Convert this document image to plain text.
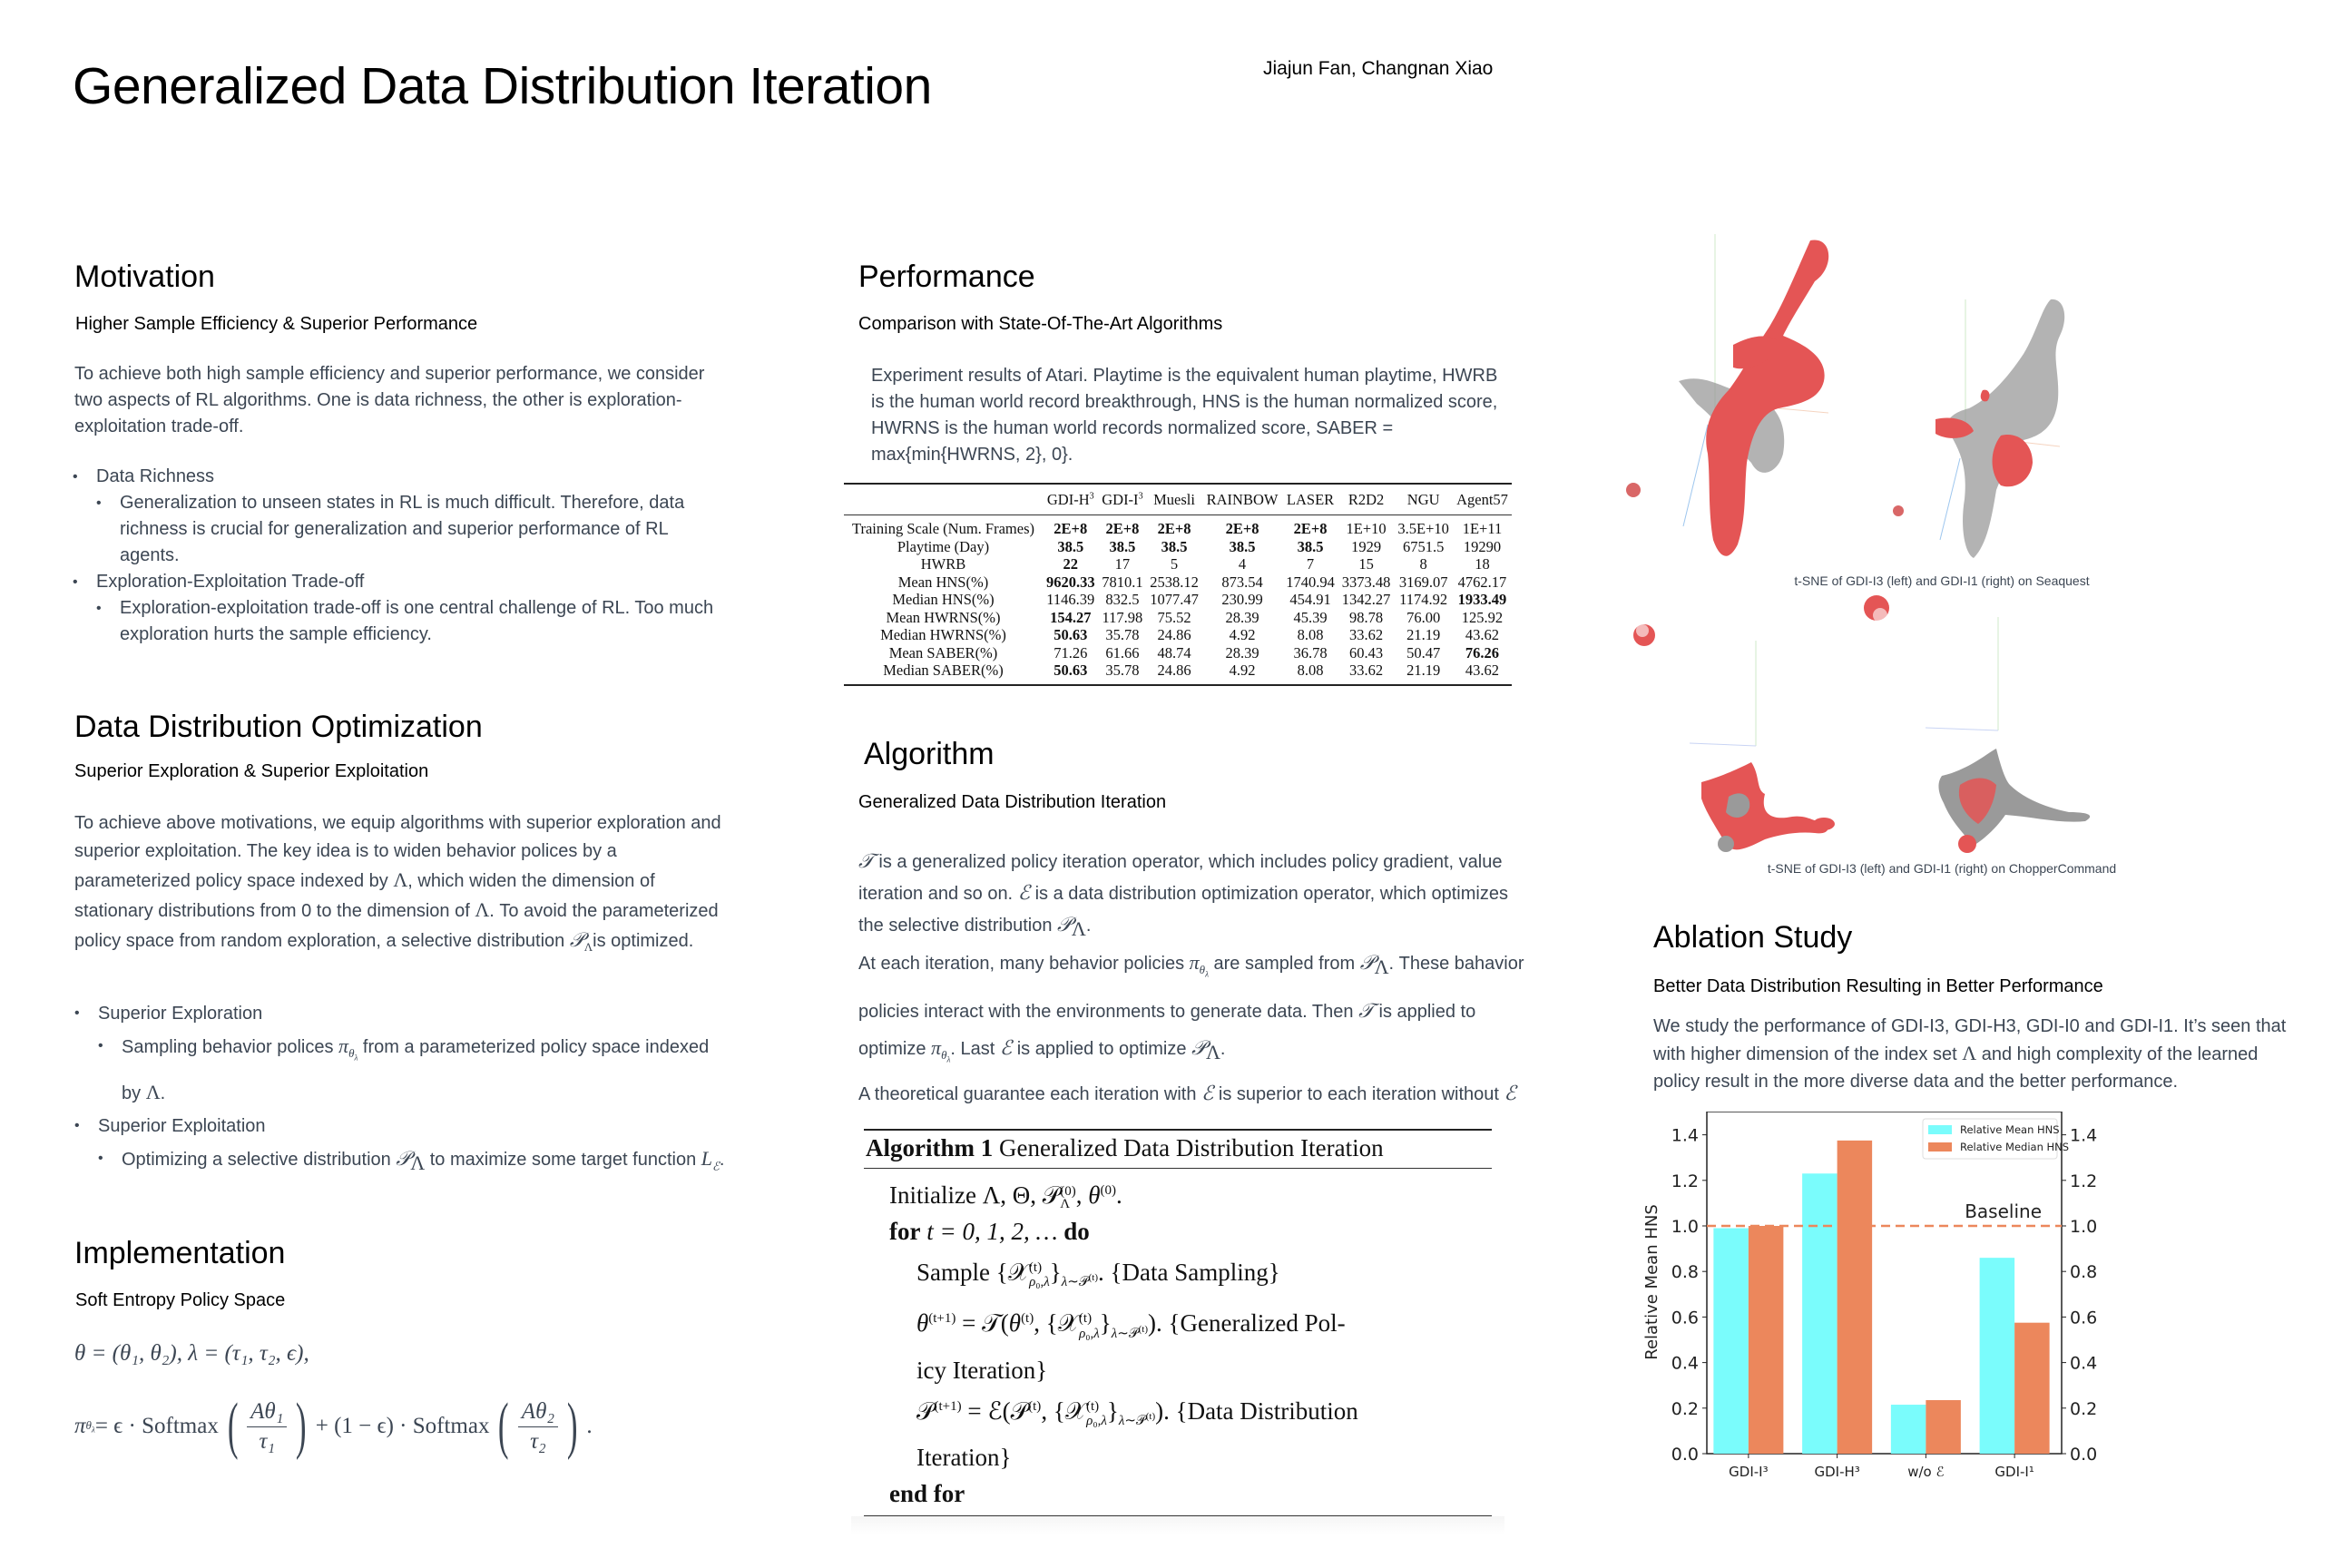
Generalized Data Distribution Iteration	Jiajun Fan, Changnan Xiao
Motivation
Higher Sample Efficiency & Superior Performance

To achieve both high sample efficiency and superior performance, we consider two aspects of RL algorithms. One is data richness, the other is exploration-exploitation trade-off.

• Data Richness
• Generalization to unseen states in RL is much difficult. Therefore, data richness is crucial for generalization and superior performance of RL agents.
• Exploration-Exploitation Trade-off
• Exploration-exploitation trade-off is one central challenge of RL. Too much exploration hurts the sample efficiency.
Data Distribution Optimization
Superior Exploration & Superior Exploitation

To achieve above motivations, we equip algorithms with superior exploration and superior exploitation. The key idea is to widen behavior polices by a parameterized policy space indexed by Λ, which widen the dimension of stationary distributions from 0 to the dimension of Λ. To avoid the parameterized policy space from random exploration, a selective distribution 𝒫$_\Lambda$is optimized.

• Superior Exploration
• Sampling behavior polices $\pi_{\theta_\lambda}$ from a parameterized policy space indexed by Λ.
• Superior Exploitation
• Optimizing a selective distribution 𝒫$_\Lambda$ to maximize some target function $L_ℰ$.
Implementation
Soft Entropy Policy Space
θ = (θ₁, θ₂), λ = (τ₁, τ₂, ϵ),
π $\theta_\lambda = \epsilon$ · Softmax ( Aθ₁
τ₁ ) + (1 − ϵ) · Softmax ( Aθ₂
τ₂ ) .
Performance
Comparison with State-Of-The-Art Algorithms

Experiment results of Atari. Playtime is the equivalent human playtime, HWRB is the human world record breakthrough, HNS is the human normalized score, HWRNS is the human world records normalized score, SABER = max{min{HWRNS, 2}, 0}.

	GDI-$H^3$	GDI-$I^3$	Muesli	RAINBOW	LASER	R2D2	NGU	Agent57
Training Scale (Num. Frames)	2E+8	2E+8	2E+8	2E+8	2E+8	1E+10	3.5E+10	1E+11
Playtime (Day)	38.5	38.5	38.5	38.5	38.5	1929	6751.5	19290
HWRB	22	17	5	4	7	15	8	18
Mean HNS(%)	9620.33	7810.1	2538.12	873.54	1740.94	3373.48	3169.07	4762.17
Median HNS(%)	1146.39	832.5	1077.47	230.99	454.91	1342.27	1174.92	1933.49
Mean HWRNS(%)	154.27	117.98	75.52	28.39	45.39	98.78	76.00	125.92
Median HWRNS(%)	50.63	35.78	24.86	4.92	8.08	33.62	21.19	43.62
Mean SABER(%)	71.26	61.66	48.74	28.39	36.78	60.43	50.47	76.26
Median SABER(%)	50.63	35.78	24.86	4.92	8.08	33.62	21.19	43.62
Algorithm
Generalized Data Distribution Iteration

𝒯 is a generalized policy iteration operator, which includes policy gradient, value iteration and so on. ℰ is a data distribution optimization operator, which optimizes the selective distribution 𝒫$_\Lambda$.

At each iteration, many behavior policies $\pi_{\theta_\lambda}$ are sampled from 𝒫$_\Lambda$. These bahavior policies interact with the environments to generate data. Then 𝒯 is applied to optimize $\pi_{\theta_\lambda}$. Last ℰ is applied to optimize 𝒫$_\Lambda$.

A theoretical guarantee each iteration with ℰ is superior to each iteration without ℰ

Algorithm 1 Generalized Data Distribution Iteration
Initialize Λ, Θ, 𝒫 (0)
Λ , $\theta^{(0)}$.
for t = 0, 1, 2, … do
Sample $\{𝒳^{(t)}_{\rho_0,\lambda}\}_{\lambda\sim 𝒫^{(t)}}$. {Data Sampling}
$\theta^{(t+1)}$ = $𝒯(\theta^{(t)}$, $\{𝒳^{(t)}_{\rho_0,\lambda}\}_{\lambda\sim 𝒫^{(t)}}$). {Generalized Pol-
icy Iteration}
𝒫$^{(t+1)}$ = ℰ(𝒫$^{(t)}$, $\{𝒳^{(t)}_{\rho_0,\lambda}\}_{\lambda\sim 𝒫^{(t)}}$). {Data Distribution
Iteration}
end for
t-SNE of GDI-I3 (left) and GDI-I1 (right) on Seaquest
t-SNE of GDI-I3 (left) and GDI-I1 (right) on ChopperCommand
Ablation Study
Better Data Distribution Resulting in Better Performance

We study the performance of GDI-I3, GDI-H3, GDI-I0 and GDI-I1. It’s seen that with higher dimension of the index set Λ and high complexity of the learned policy result in the more diverse data and the better performance.

Baseline
0.0
0.2
0.4
0.6
0.8
1.0
1.2
1.4
0.0
0.2
0.4
0.6
0.8
1.0
1.2
1.4
GDI-I³	GDI-H³	w/o ℰ	GDI-I¹
Relative Mean HNS
Relative Mean HNS
Relative Median HNS
